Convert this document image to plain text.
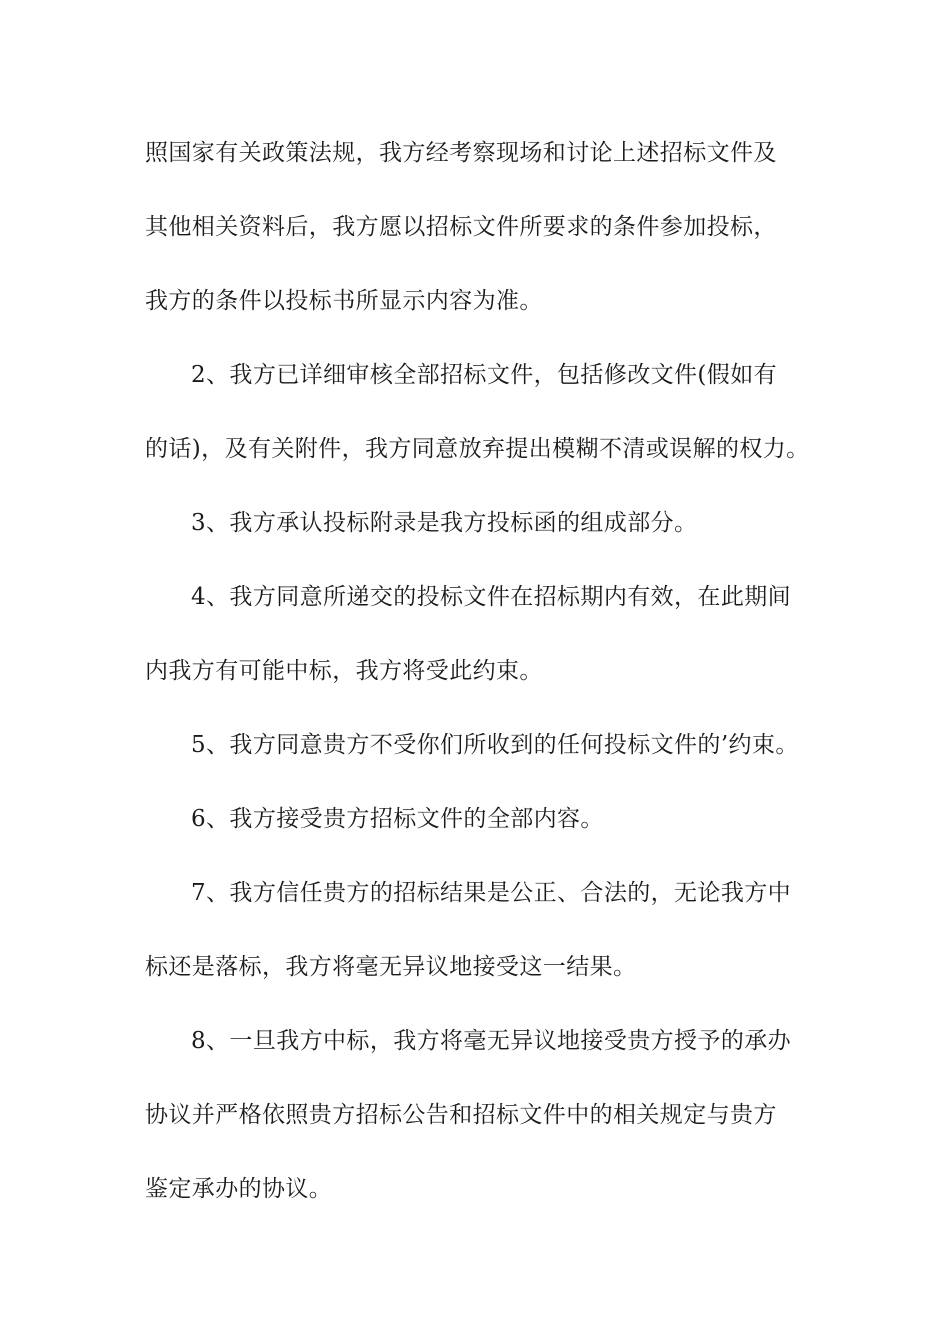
照国家有关政策法规，我方经考察现场和讨论上述招标文件及
其他相关资料后，我方愿以招标文件所要求的条件参加投标，
我方的条件以投标书所显示内容为准。
2、我方已详细审核全部招标文件，包括修改文件(假如有
的话)，及有关附件，我方同意放弃提出模糊不清或误解的权力。
3、我方承认投标附录是我方投标函的组成部分。
4、我方同意所递交的投标文件在招标期内有效，在此期间
内我方有可能中标，我方将受此约束。
5、我方同意贵方不受你们所收到的任何投标文件的’约束。
6、我方接受贵方招标文件的全部内容。
7、我方信任贵方的招标结果是公正、合法的，无论我方中
标还是落标，我方将毫无异议地接受这一结果。
8、一旦我方中标，我方将毫无异议地接受贵方授予的承办
协议并严格依照贵方招标公告和招标文件中的相关规定与贵方
鉴定承办的协议。
